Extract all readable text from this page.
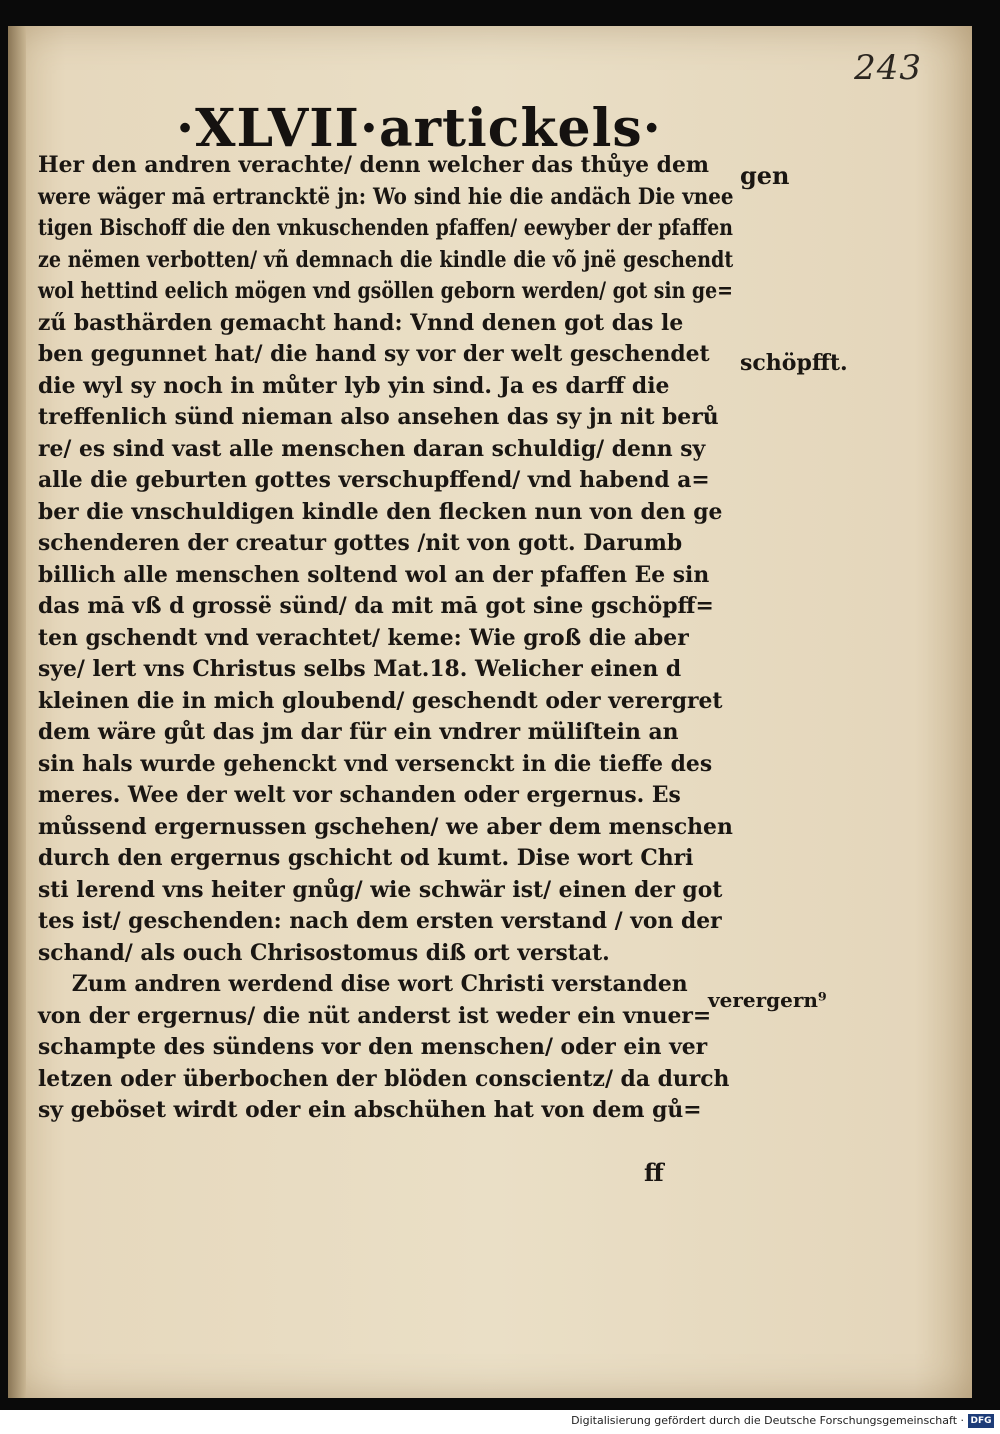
243
·XLVII·artickels·
Her den andren verachte/ denn welcher das thůye dem
were wäger mā ertrancktë jn: Wo sind hie die andäch Die vnee
tigen Bischoff die den vnkuschenden pfaffen/ eewyber der pfaffen
ze nëmen verbotten/ vñ demnach die kindle die võ jnë geschendt
wol hettind eelich mögen vnd gsöllen geborn werden/ got sin ge=
zű basthärden gemacht hand: Vnnd denen got das le
ben gegunnet hat/ die hand sy vor der welt geschendet
die wyl sy noch in můter lyb yin sind. Ja es darff die
treffenlich sünd nieman also ansehen das sy jn nit berů
re/ es sind vast alle menschen daran schuldig/ denn sy
alle die geburten gottes verschupffend/ vnd habend a=
ber die vnschuldigen kindle den flecken nun von den ge
schenderen der creatur gottes /nit von gott. Darumb
billich alle menschen soltend wol an der pfaffen Ee sin
das mā vß d grossë sünd/ da mit mā got sine gschöpff=
ten gschendt vnd verachtet/ keme: Wie groß die aber
sye/ lert vns Christus selbs Mat.18. Welicher einen d
kleinen die in mich gloubend/ geschendt oder verergret
dem wäre gůt das jm dar für ein vndrer müliſtein an
sin hals wurde gehenckt vnd versenckt in die tieffe des
meres. Wee der welt vor schanden oder ergernus. Es
můssend ergernussen gschehen/ we aber dem menschen
durch den ergernus gschicht od kumt. Dise wort Chri
sti lerend vns heiter gnůg/ wie schwär ist/ einen der got
tes ist/ geschenden: nach dem ersten verstand / von der
schand/ als ouch Chrisostomus diß ort verstat.
Zum andren werdend dise wort Christi verstanden
von der ergernus/ die nüt anderst ist weder ein vnuer=
schampte des sündens vor den menschen/ oder ein ver
letzen oder überbochen der blöden conscientz/ da durch
sy geböset wirdt oder ein abschühen hat von dem gů=
gen
schöpfft.
verergern⁹
ff
Digitalisierung gefördert durch die Deutsche Forschungsgemeinschaft · DFG
